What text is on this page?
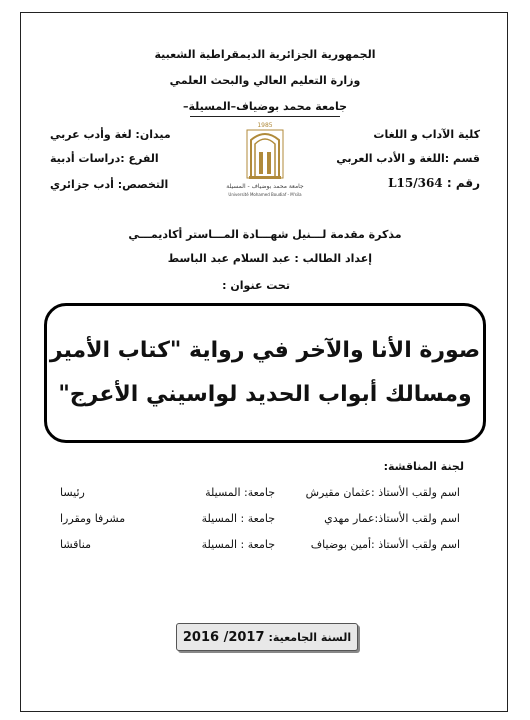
الجمهورية الجزائرية الديمقراطية الشعبية
وزارة التعليم العالي والبحث العلمي
جامعة محمد بوضياف–المسيلة–
كلية الآداب و اللغات
قسم :اللغة و الأدب العربي
رقم : L15/364
ميدان: لغة وأدب عربي
الفرع :دراسات أدبية
التخصص: أدب جزائري
1985
جامعة محمد بوضياف - المسيلة
Université Mohamed Boudiaf - M'sila
مذكرة مقدمة لـــنيل شهـــادة المـــاستر أكاديمـــي
إعداد الطالب : عبد السلام عبد الباسط
تحت عنوان :
صورة الأنا والآخر في رواية "كتاب الأمير
ومسالك أبواب الحديد لواسيني الأعرج"
لجنة المناقشة:
اسم ولقب الأستاذ :عثمان مقيرش
جامعة: المسيلة
رئيسا
اسم ولقب الأستاذ:عمار مهدي
جامعة : المسيلة
مشرفا ومقررا
اسم ولقب الأستاذ :أمين بوضياف
جامعة : المسيلة
مناقشا
السنة الجامعية:
2016 /2017
